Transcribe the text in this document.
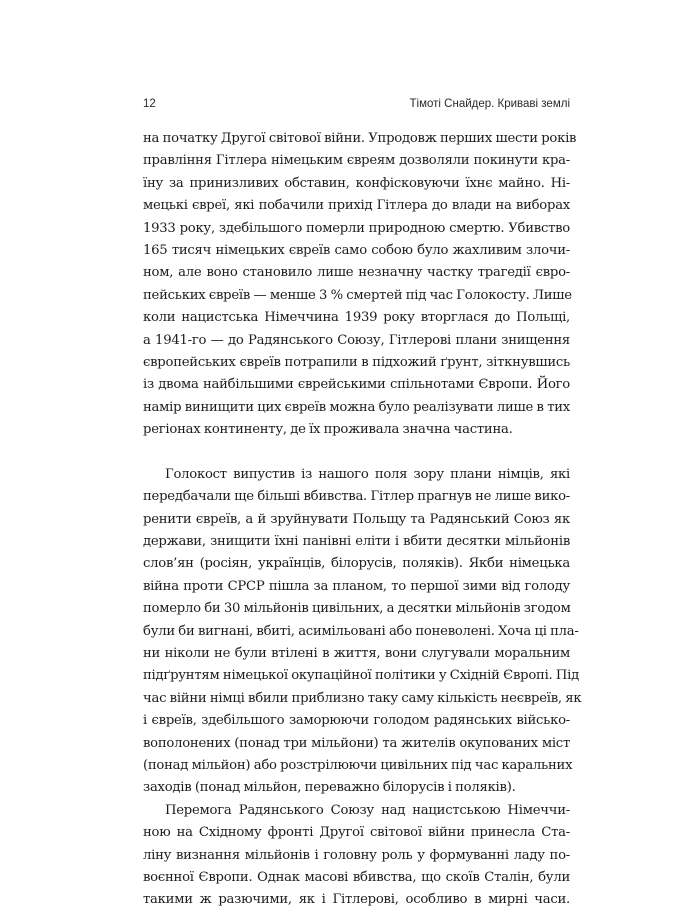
12	Тімоті Снайдер. Криваві землі
на початку Другої світової війни. Упродовж перших шести років
правління Гітлера німецьким євреям дозволяли покинути кра-
їну за принизливих обставин, конфісковуючи їхнє майно. Ні-
мецькі євреї, які побачили прихід Гітлера до влади на виборах
1933 року, здебільшого померли природною смертю. Убивство
165 тисяч німецьких євреїв само собою було жахливим злочи-
ном, але воно становило лише незначну частку трагедії євро-
пейських євреїв — менше 3 % смертей під час Голокосту. Лише
коли нацистська Німеччина 1939 року вторглася до Польщі,
а 1941-го — до Радянського Союзу, Гітлерові плани знищення
європейських євреїв потрапили в підхожий ґрунт, зіткнувшись
із двома найбільшими єврейськими спільнотами Європи. Його
намір винищити цих євреїв можна було реалізувати лише в тих
регіонах континенту, де їх проживала значна частина.
Голокост випустив із нашого поля зору плани німців, які
передбачали ще більші вбивства. Гітлер прагнув не лише вико-
ренити євреїв, а й зруйнувати Польщу та Радянський Союз як
держави, знищити їхні панівні еліти і вбити десятки мільйонів
слов’ян (росіян, українців, білорусів, поляків). Якби німецька
війна проти СРСР пішла за планом, то першої зими від голоду
померло би 30 мільйонів цивільних, а десятки мільйонів згодом
були би вигнані, вбиті, асимільовані або поневолені. Хоча ці пла-
ни ніколи не були втілені в життя, вони слугували моральним
підґрунтям німецької окупаційної політики у Східній Європі. Під
час війни німці вбили приблизно таку саму кількість неєвреїв, як
і євреїв, здебільшого заморюючи голодом радянських військо-
вополонених (понад три мільйони) та жителів окупованих міст
(понад мільйон) або розстрілюючи цивільних під час каральних
заходів (понад мільйон, переважно білорусів і поляків).
Перемога Радянського Союзу над нацистською Німеччи-
ною на Східному фронті Другої світової війни принесла Ста-
ліну визнання мільйонів і головну роль у формуванні ладу по-
воєнної Європи. Однак масові вбивства, що скоїв Сталін, були
такими ж разючими, як і Гітлерові, особливо в мирні часи.
